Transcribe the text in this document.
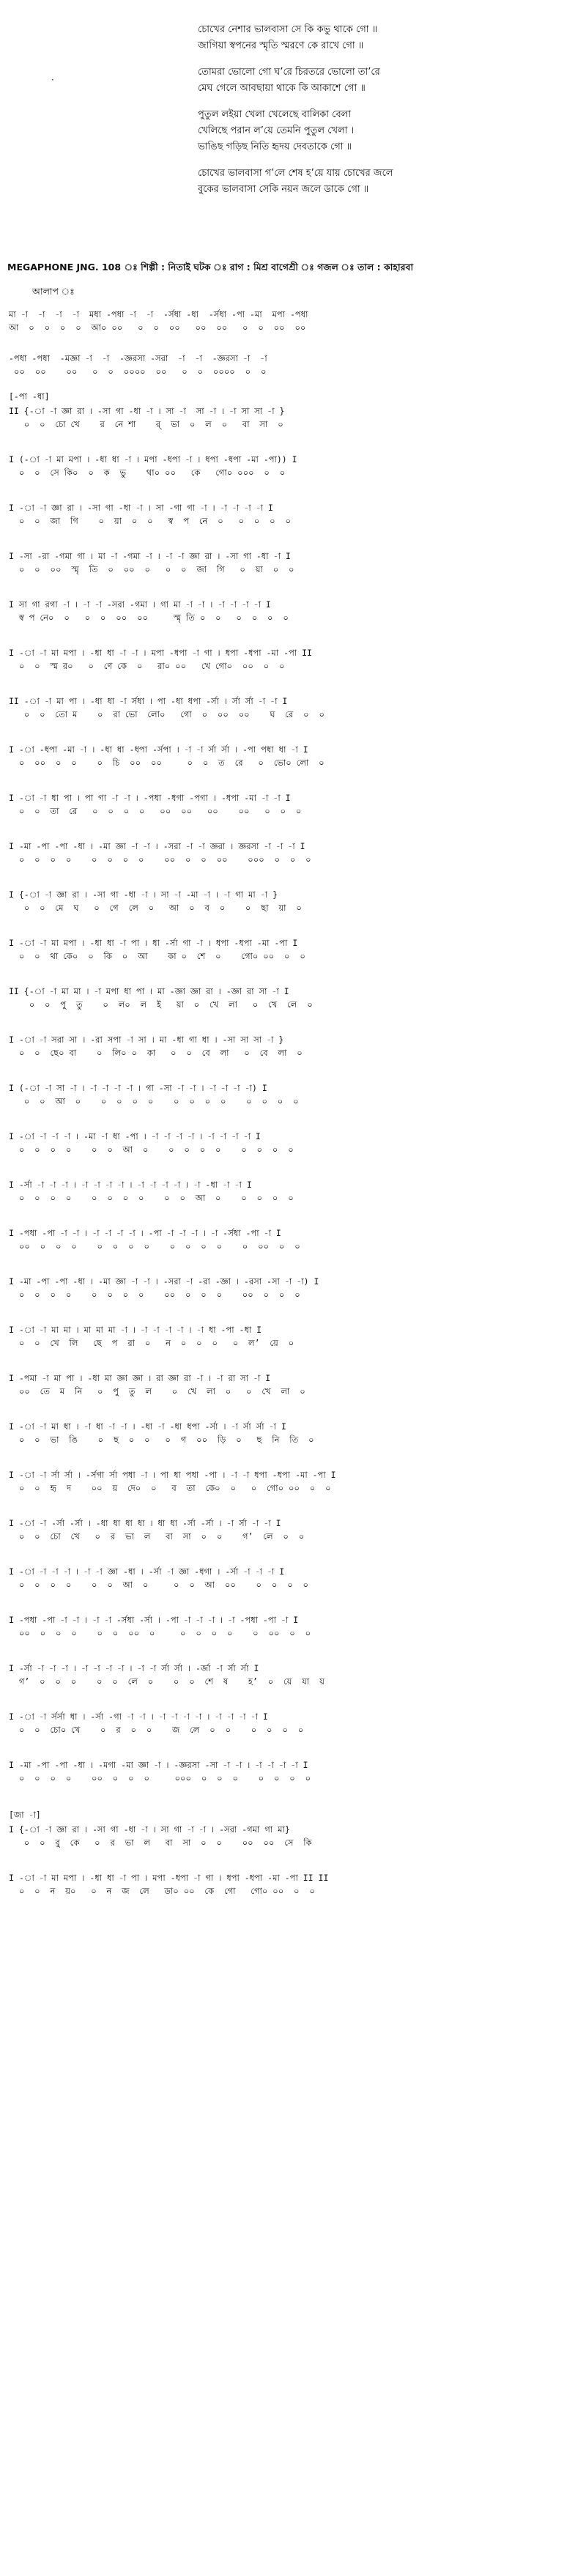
চোখের নেশার ভালবাসা সে কি কভু থাকে গো ॥
জাগিয়া স্বপনের স্মৃতি স্মরণে কে রাখে গো ॥
তোমরা ভোলো গো ঘ’রে চিরতরে ভোলো তা’রে
মেঘ গেলে আবছায়া থাকে কি আকাশে গো ॥
পুতুল লইয়া খেলা খেলেছে বালিকা বেলা
খেলিছে পরান ল’য়ে তেমনি পুতুল খেলা ।
ভাঙিছ গড়িছ নিতি হৃদয় দেবতাকে গো ॥
চোখের ভালবাসা গ’লে শেষ হ’য়ে যায় চোখের জলে
বুকের ভালবাসা সেকি নয়ন জলে ডাকে গো ॥
·
MEGAPHONE JNG. 108 ঃ শিল্পী : নিতাই ঘটক ঃ রাগ : মিশ্র বাগেশ্রী ঃ গজল ঃ তাল : কাহারবা
আলাপ ঃ
মা -া  -া  -া  -া  মধা -পধা -া  -া  -র্সধা -ধা  -র্সধা -পা -মা  মপা -পধা
আ  ০  ০  ০  ০  আ০ ০০   ০  ০  ০০   ০০  ০০   ০  ০  ০০  ০০
-পধা -পধা  -মজ্ঞা -া  -া  -জ্ঞরসা -সরা  -া  -া  -জ্ঞরসা -া  -া
০০  ০০    ০০   ০  ০  ০০০০  ০০   ০  ০  ০০০০  ০  ০
[-পা -ধা]
II {-া -া জ্ঞা রা । -সা গা -ধা -া । সা -া  সা -া । -া সা সা -া }
০  ০  চো খে    র  নে শা    র্  ভা  ০  ল  ০   বা  সা  ০
I (-া -া মা মপা । -ধা ধা -া । মপা -ধপা -া । ধপা -ধপা -মা -পা)) I
০  ০  সে কি০  ০  ক  ভু    থা০ ০০   কে   গো০ ০০০  ০  ০
I -া -া জ্ঞা রা । -সা গা -ধা -া । সা -গা গা -া । -া -া -া -া I
০  ০  জা  গি    ০  য়া  ০  ০   স্ব  প  নে  ০   ০  ০  ০  ০
I -সা -রা -গমা গা । মা -া -গমা -া । -া -া জ্ঞা রা । -সা গা -ধা -া I
০  ০  ০০  স্মৃ  তি  ০  ০০  ০   ০  ০  জা  গি   ০  য়া  ০  ০
I সা গা রগা -া । -া -া -সরা -গমা । গা মা -া -া । -া -া -া -া I
স্ব প নে০  ০   ০  ০  ০০  ০০     স্মৃ তি ০  ০   ০  ০  ০  ০
I -া -া মা মপা । -ধা ধা -া -া । মপা -ধপা -া গা । ধপা -ধপা -মা -পা II
০  ০  স্ম র০   ০  ণে কে  ০   রা০ ০০   খে গো০  ০০  ০  ০
II -া -া মা পা । -ধা ধা -া র্সধা । পা -ধা ধপা -র্সা । র্সা র্সা -া -া I
০  ০  তো ম    ০  রা ভো  লো০   গো  ০  ০০  ০০    ঘ  রে  ০  ০
I -া -ধপা -মা -া । -ধা ধা -ধপা -র্সপা । -া -া র্সা র্সা । -পা পধা ধা -া I
০  ০০  ০  ০    ০  চি  ০০  ০০     ০  ০  ত  রে   ০  ভো০ লো  ০
I -া -া ধা পা । পা গা -া -া । -পধা -ধগা -পগা । -ধপা -মা -া -া I
০  ০  তা  রে   ০  ০  ০  ০   ০০  ০০   ০০    ০০   ০  ০  ০
I -মা -পা -পা -ধা । -মা জ্ঞা -া -া । -সরা -া -া জ্ঞরা । জ্ঞরসা -া -া -া I
০  ০  ০  ০    ০  ০  ০  ০    ০০  ০  ০  ০০    ০০০  ০  ০  ০
I {-া -া জ্ঞা রা । -সা গা -ধা -া । সা -া -মা -া । -া গা মা -া }
০  ০  মে  ঘ   ০  গে  লে  ০   আ  ০  ব  ০    ০  ছা  য়া  ০
I -া -া মা মপা । -ধা ধা -া পা । ধা -র্সা গা -া । ধপা -ধপা -মা -পা I
০  ০  থা কে০  ০  কি  ০  আ    কা ০  শে  ০    গো০ ০০  ০  ০
II {-া -া মা মা । -া মপা ধা পা । মা -জ্ঞা জ্ঞা রা । -জ্ঞা রা সা -া I
০  ০  পু  তু    ০  ল০  ল  ই   য়া  ০  খে  লা   ০  খে  লে  ০
I -া -া সরা সা । -রা সপা -া সা । মা -ধা গা ধা । -সা সা সা -া }
০  ০  ছে০ বা    ০  লি০ ০  কা   ০  ০  বে  লা   ০  বে  লা  ০
I (-া -া সা -া । -া -া -া -া । গা -সা -া -া । -া -া -া -া) I
০  ০  আ  ০    ০  ০  ০  ০    ০  ০  ০  ০    ০  ০  ০  ০
I -া -া -া -া । -মা -া ধা -পা । -া -া -া -া । -া -া -া -া I
০  ০  ০  ০    ০  ০  আ  ০    ০  ০  ০  ০    ০  ০  ০  ০
I -র্সা -া -া -া । -া -া -া -া । -া -া -া -া । -া -ধা -া -া I
০  ০  ০  ০    ০  ০  ০  ০    ০  ০  আ  ০    ০  ০  ০  ০
I -পধা -পা -া -া । -া -া -া -া । -পা -া -া -া । -া -র্সধা -পা -া I
০০  ০  ০  ০    ০  ০  ০  ০    ০  ০  ০  ০    ০  ০০  ০  ০
I -মা -পা -পা -ধা । -মা জ্ঞা -া -া । -সরা -া -রা -জ্ঞা । -রসা -সা -া -া) I
০  ০  ০  ০    ০  ০  ০  ০    ০০  ০  ০  ০    ০০  ০  ০  ০
I -া -া মা মা । মা মা মা -া । -া -া -া -া । -া ধা -পা -ধা I
০  ০  খে  লি   ছে  প  রা  ০   ন  ০  ০  ০   ০  ল’  য়ে  ০
I -পমা -া মা পা । -ধা মা জ্ঞা জ্ঞা । রা জ্ঞা রা -া । -া রা সা -া I
০০  তে  ম  নি   ০  পু  তু  ল    ০  খে  লা  ০   ০  খে  লা  ০
I -া -া মা ধা । -া ধা -া -া । -ধা -া -ধা ধপা -র্সা । -া র্সা র্সা -া I
০  ০  ভা  ঙি    ০  ছ  ০  ০   ০  গ  ০০  ড়ি  ০   ছ  নি  তি  ০
I -া -া র্সা র্সা । -র্সগা র্সা পধা -া । পা ধা পধা -পা । -া -া ধপা -ধপা -মা -পা I
০  ০  হৃ  দ    ০০  য়  দে০  ০   ব  তা  কে০  ০   ০  গো০ ০০  ০  ০
I -া -া -র্সা -র্সা । -ধা ধা ধা ধা । ধা ধা -র্সা -র্সা । -া র্সা -া -া I
০  ০  চো  খে   ০  র  ভা  ল   বা  সা  ০  ০    গ’  লে  ০  ০
I -া -া -া -া । -া -া জ্ঞা -ধা । -র্সা -া জ্ঞা -ধগা । -র্সা -া -া -া I
০  ০  ০  ০    ০  ০  আ  ০     ০  ০  আ  ০০    ০  ০  ০  ০
I -পধা -পা -া -া । -া -া -র্সধা -র্সা । -পা -া -া -া । -া -পধা -পা -া I
০০  ০  ০  ০    ০  ০  ০০  ০     ০  ০  ০  ০    ০  ০০  ০  ০
I -র্সা -া -া -া । -া -া -া -া । -া -া র্সা র্সা । -র্জা -া র্সা র্সা I
গ’  ০  ০  ০    ০  ০  লে  ০    ০  ০  শে  ষ    হ’  ০  য়ে  যা  য়
I -া -া র্সর্সা ধা । -র্সা -গা -া -া । -া -া -া -া । -া -া -া -া I
০  ০  চো০ খে    ০  র  ০  ০    জ  লে  ০  ০    ০  ০  ০  ০
I -মা -পা -পা -ধা । -মগা -মা জ্ঞা -া । -জ্ঞরসা -সা -া -া । -া -া -া -া I
০  ০  ০  ০    ০০  ০  ০  ০     ০০০  ০  ০  ০    ০  ০  ০  ০
[জা -া]
I {-া -া জ্ঞা রা । -সা গা -ধা -া । সা গা -া -া । -সরা -গমা গা মা}
০  ০  বু  কে   ০  র  ভা  ল   বা  সা  ০  ০    ০০  ০০  সে  কি
I -া -া মা মপা । -ধা ধা -া পা । মপা -ধপা -া গা । ধপা -ধপা -মা -পা II II
০  ০  ন  য়০   ০  ন  জ  লে   ডা০ ০০  কে  গো   গো০ ০০  ০  ০
